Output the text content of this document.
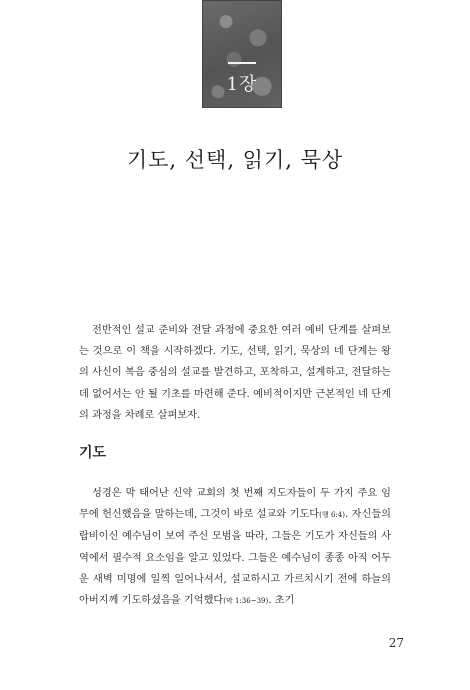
1장
기도, 선택, 읽기, 묵상

전반적인 설교 준비와 전달 과정에 중요한 여러 예비 단계를 살펴보는 것으로 이 책을 시작하겠다. 기도, 선택, 읽기, 묵상의 네 단계는 왕의 사신이 복음 중심의 설교를 발견하고, 포착하고, 설계하고, 전달하는 데 없어서는 안 될 기초를 마련해 준다. 예비적이지만 근본적인 네 단계의 과정을 차례로 살펴보자.

기도

성경은 막 태어난 신약 교회의 첫 번째 지도자들이 두 가지 주요 임무에 헌신했음을 말하는데, 그것이 바로 설교와 기도다(행 6:4). 자신들의 랍비이신 예수님이 보여 주신 모범을 따라, 그들은 기도가 자신들의 사역에서 필수적 요소임을 알고 있었다. 그들은 예수님이 종종 아직 어두운 새벽 미명에 일찍 일어나셔서, 설교하시고 가르치시기 전에 하늘의 아버지께 기도하셨음을 기억했다(막 1:36~39). 초기

27
